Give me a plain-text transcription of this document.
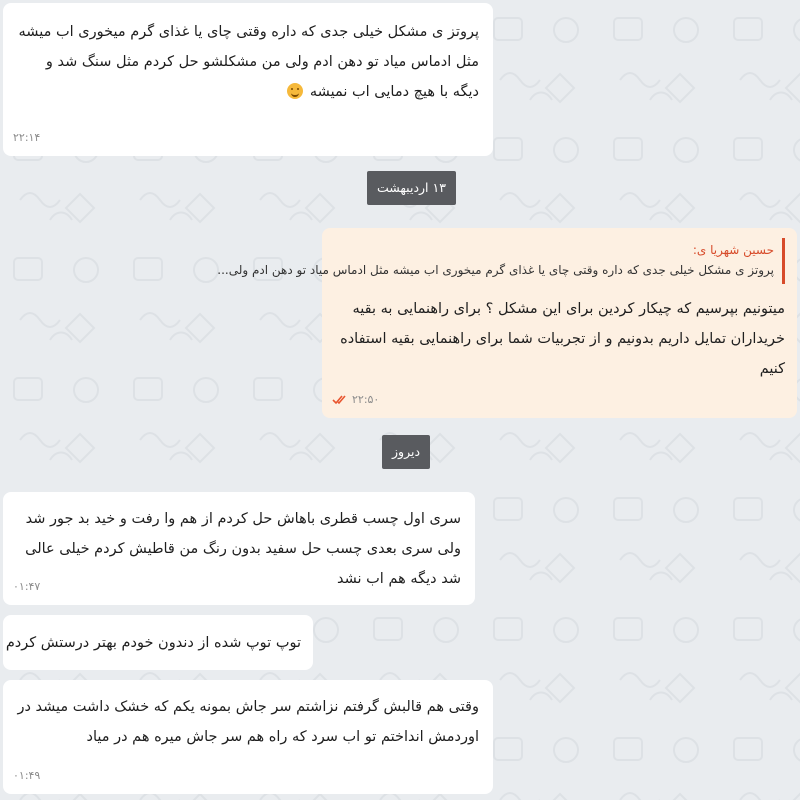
پروتز ی مشکل خیلی جدی که داره وقتی چای یا غذای گرم میخوری اب میشه مثل ادماس میاد تو دهن ادم ولی من مشکلشو حل کردم مثل سنگ شد و دیگه با هیچ دمایی اب نمیشه
۲۲:۱۴
۱۳ اردیبهشت
حسین شهریا ی:
پروتز ی مشکل خیلی جدی که داره وقتی چای یا غذای گرم میخوری اب میشه مثل ادماس میاد تو دهن ادم ولی...
میتونیم بپرسیم که چیکار کردین برای این مشکل ؟ برای راهنمایی به بقیه خریداران تمایل داریم بدونیم و از تجربیات شما برای راهنمایی بقیه استفاده کنیم
۲۲:۵۰
دیروز
سری اول چسب قطری باهاش حل کردم از هم وا رفت و خید بد جور شد ولی سری بعدی چسب حل سفید بدون رنگ من قاطیش کردم خیلی عالی شد دیگه هم اب نشد
۰۱:۴۷
توپ توپ شده از دندون خودم بهتر درستش کردم
وقتی هم قالبش گرفتم نزاشتم سر جاش بمونه یکم که خشک داشت میشد در اوردمش انداختم تو اب سرد که راه هم سر جاش میره هم در میاد
۰۱:۴۹
